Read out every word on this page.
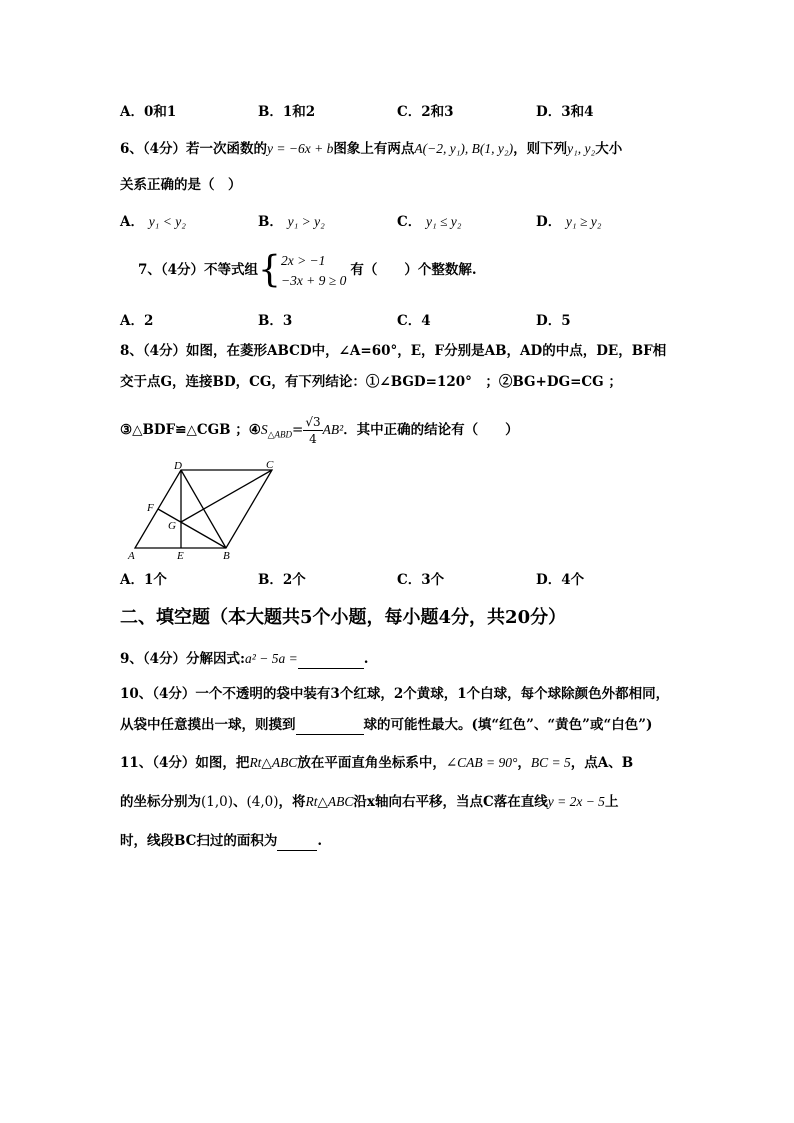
A．0和1	B．1和2	C．2和3	D．3和4
6、（4分）若一次函数的y = −6x + b图象上有两点A(−2, y₁), B(1, y₂)，则下列y₁, y₂大小
关系正确的是（　）
A． y₁ < y₂	B． y₁ > y₂	C． y₁ ≤ y₂	D． y₁ ≥ y₂
7、（4分）不等式组{ 2x > −1
−3x + 9 ≥ 0
有（　　）个整数解.
A．2	B．3	C．4	D．5
8、（4分）如图，在菱形ABCD中，∠A=60°，E，F分别是AB，AD的中点，DE，BF相
交于点G，连接BD，CG，有下列结论：①∠BGD=120°　；②BG+DG=CG ；
③△BDF≌△CGB ；$④S_{\triangle ABD}= \frac{√3}{4} AB^2$．其中正确的结论有（　　）
D	C
F
G
A	E	B
A．1个	B．2个	C．3个	D．4个
二、填空题（本大题共5个小题，每小题4分，共20分）
9、（4分）分解因式:a² − 5a =	.
10、（4分）一个不透明的袋中装有3个红球，2个黄球，1个白球，每个球除颜色外都相同，
从袋中任意摸出一球，则摸到	球的可能性最大。(填“红色”、“黄色”或“白色”)
11、（4分）如图，把Rt△ABC放在平面直角坐标系中，∠CAB = 90°，BC = 5，点A、B
的坐标分别为(1,0)、(4,0)，将Rt△ABC沿x轴向右平移，当点C落在直线y = 2x − 5上
时，线段BC扫过的面积为	.
